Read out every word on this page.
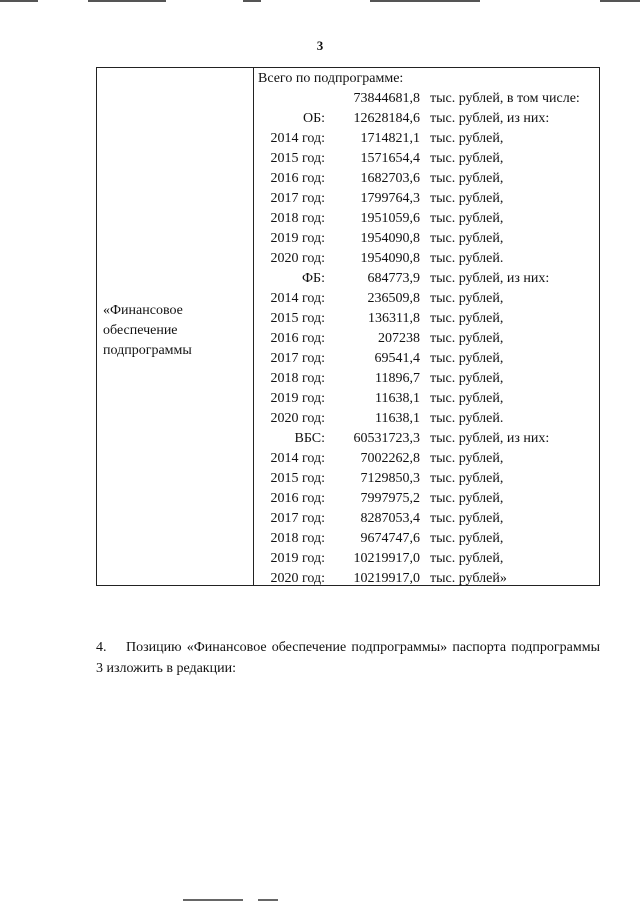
3
«Финансовое обеспечение подпрограммы
Всего по подпрограмме:
73844681,8 тыс. рублей, в том числе:
ОБ:	12628184,6 тыс. рублей, из них:
2014 год:	1714821,1 тыс. рублей,
2015 год:	1571654,4 тыс. рублей,
2016 год:	1682703,6 тыс. рублей,
2017 год:	1799764,3 тыс. рублей,
2018 год:	1951059,6 тыс. рублей,
2019 год:	1954090,8 тыс. рублей,
2020 год:	1954090,8 тыс. рублей.
ФБ:	684773,9 тыс. рублей, из них:
2014 год:	236509,8 тыс. рублей,
2015 год:	136311,8 тыс. рублей,
2016 год:	207238 тыс. рублей,
2017 год:	69541,4 тыс. рублей,
2018 год:	11896,7 тыс. рублей,
2019 год:	11638,1 тыс. рублей,
2020 год:	11638,1 тыс. рублей.
ВБС:	60531723,3 тыс. рублей, из них:
2014 год:	7002262,8 тыс. рублей,
2015 год:	7129850,3 тыс. рублей,
2016 год:	7997975,2 тыс. рублей,
2017 год:	8287053,4 тыс. рублей,
2018 год:	9674747,6 тыс. рублей,
2019 год:	10219917,0 тыс. рублей,
2020 год:	10219917,0 тыс. рублей»
4. Позицию «Финансовое обеспечение подпрограммы» паспорта подпрограммы 3 изложить в редакции:
